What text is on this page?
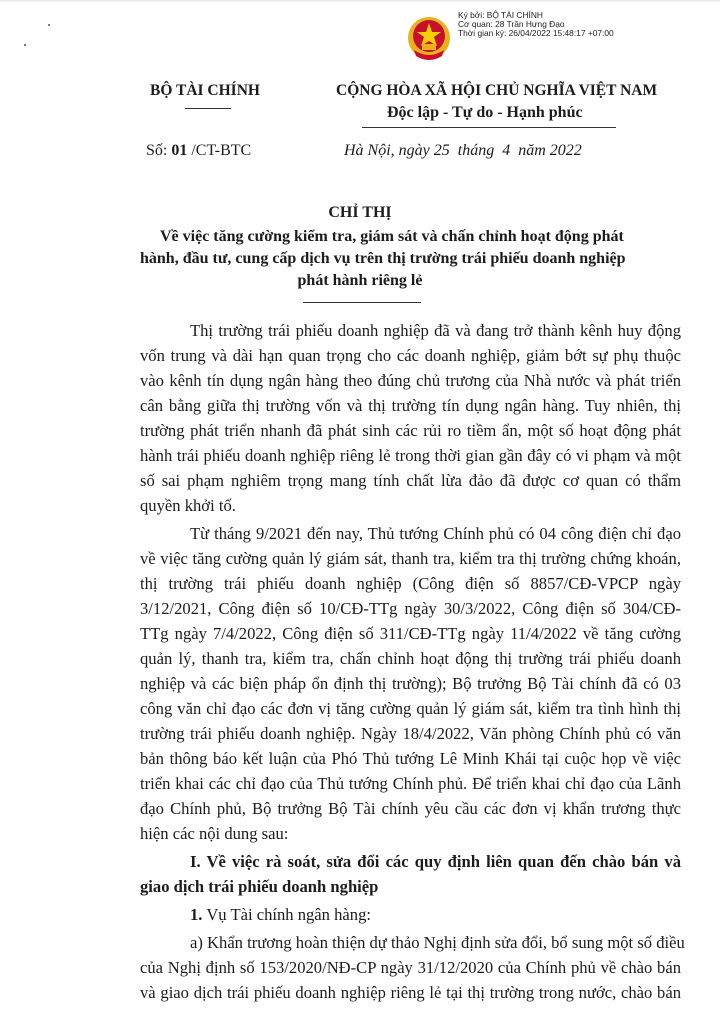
Ký bởi: BỘ TÀI CHÍNH
Cơ quan: 28 Trần Hưng Đạo
Thời gian ký: 26/04/2022 15:48:17 +07:00
BỘ TÀI CHÍNH	CỘNG HÒA XÃ HỘI CHỦ NGHĨA VIỆT NAM
Độc lập - Tự do - Hạnh phúc
Số: 01 /CT-BTC	Hà Nội, ngày 25  tháng  4  năm 2022
CHỈ THỊ
Về việc tăng cường kiểm tra, giám sát và chấn chỉnh hoạt động phát
hành, đầu tư, cung cấp dịch vụ trên thị trường trái phiếu doanh nghiệp
phát hành riêng lẻ
Thị trường trái phiếu doanh nghiệp đã và đang trở thành kênh huy động
vốn trung và dài hạn quan trọng cho các doanh nghiệp, giảm bớt sự phụ thuộc
vào kênh tín dụng ngân hàng theo đúng chủ trương của Nhà nước và phát triển
cân bằng giữa thị trường vốn và thị trường tín dụng ngân hàng. Tuy nhiên, thị
trường phát triển nhanh đã phát sinh các rủi ro tiềm ẩn, một số hoạt động phát
hành trái phiếu doanh nghiệp riêng lẻ trong thời gian gần đây có vi phạm và một
số sai phạm nghiêm trọng mang tính chất lừa đảo đã được cơ quan có thẩm
quyền khởi tố.
Từ tháng 9/2021 đến nay, Thủ tướng Chính phủ có 04 công điện chỉ đạo
về việc tăng cường quản lý giám sát, thanh tra, kiểm tra thị trường chứng khoán,
thị trường trái phiếu doanh nghiệp (Công điện số 8857/CĐ-VPCP ngày
3/12/2021, Công điện số 10/CĐ-TTg ngày 30/3/2022, Công điện số 304/CĐ-
TTg ngày 7/4/2022, Công điện số 311/CĐ-TTg ngày 11/4/2022 về tăng cường
quản lý, thanh tra, kiểm tra, chấn chỉnh hoạt động thị trường trái phiếu doanh
nghiệp và các biện pháp ổn định thị trường); Bộ trưởng Bộ Tài chính đã có 03
công văn chỉ đạo các đơn vị tăng cường quản lý giám sát, kiểm tra tình hình thị
trường trái phiếu doanh nghiệp. Ngày 18/4/2022, Văn phòng Chính phủ có văn
bản thông báo kết luận của Phó Thủ tướng Lê Minh Khái tại cuộc họp về việc
triển khai các chỉ đạo của Thủ tướng Chính phủ. Để triển khai chỉ đạo của Lãnh
đạo Chính phủ, Bộ trưởng Bộ Tài chính yêu cầu các đơn vị khẩn trương thực
hiện các nội dung sau:
I. Về việc rà soát, sửa đổi các quy định liên quan đến chào bán và
giao dịch trái phiếu doanh nghiệp
1. Vụ Tài chính ngân hàng:
a) Khẩn trương hoàn thiện dự thảo Nghị định sửa đổi, bổ sung một số điều
của Nghị định số 153/2020/NĐ-CP ngày 31/12/2020 của Chính phủ về chào bán
và giao dịch trái phiếu doanh nghiệp riêng lẻ tại thị trường trong nước, chào bán
